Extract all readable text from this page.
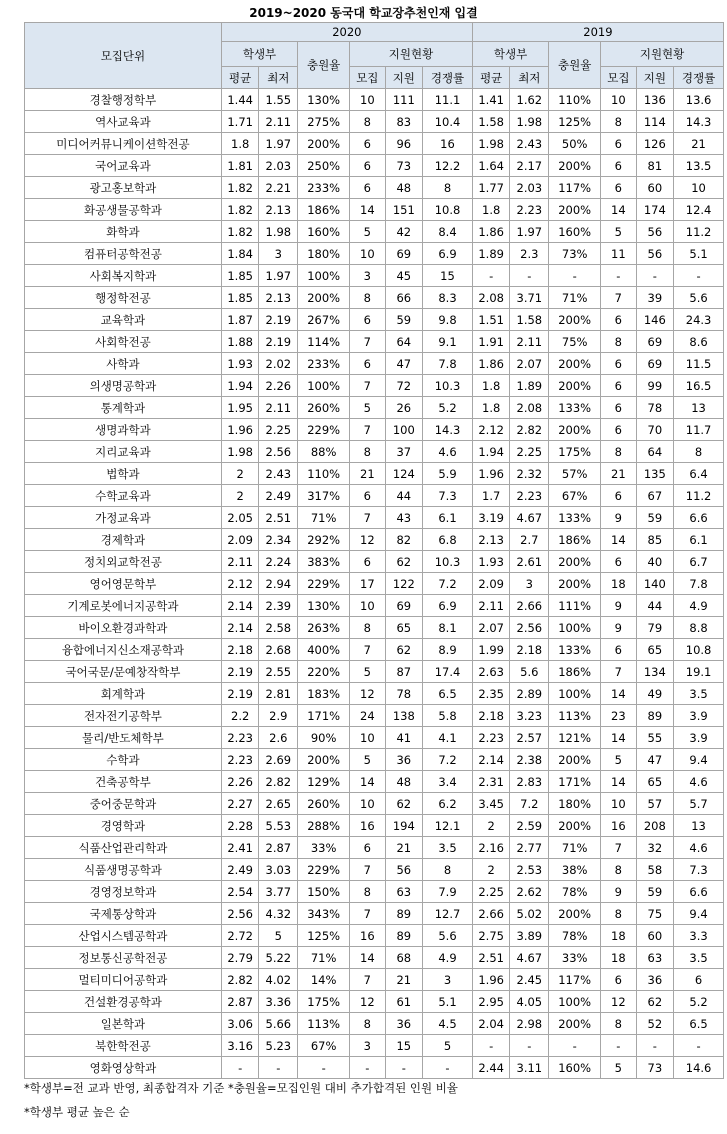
2019~2020 동국대 학교장추천인재 입결
모집단위	2020						2019					
	학생부		충원율	지원현황			학생부		충원율	지원현황		
	평균	최저		모집	지원	경쟁률	평균	최저		모집	지원	경쟁률
경찰행정학부	1.44	1.55	130%	10	111	11.1	1.41	1.62	110%	10	136	13.6
역사교육과	1.71	2.11	275%	8	83	10.4	1.58	1.98	125%	8	114	14.3
미디어커뮤니케이션학전공	1.8	1.97	200%	6	96	16	1.98	2.43	50%	6	126	21
국어교육과	1.81	2.03	250%	6	73	12.2	1.64	2.17	200%	6	81	13.5
광고홍보학과	1.82	2.21	233%	6	48	8	1.77	2.03	117%	6	60	10
화공생물공학과	1.82	2.13	186%	14	151	10.8	1.8	2.23	200%	14	174	12.4
화학과	1.82	1.98	160%	5	42	8.4	1.86	1.97	160%	5	56	11.2
컴퓨터공학전공	1.84	3	180%	10	69	6.9	1.89	2.3	73%	11	56	5.1
사회복지학과	1.85	1.97	100%	3	45	15	-	-	-	-	-	-
행정학전공	1.85	2.13	200%	8	66	8.3	2.08	3.71	71%	7	39	5.6
교육학과	1.87	2.19	267%	6	59	9.8	1.51	1.58	200%	6	146	24.3
사회학전공	1.88	2.19	114%	7	64	9.1	1.91	2.11	75%	8	69	8.6
사학과	1.93	2.02	233%	6	47	7.8	1.86	2.07	200%	6	69	11.5
의생명공학과	1.94	2.26	100%	7	72	10.3	1.8	1.89	200%	6	99	16.5
통계학과	1.95	2.11	260%	5	26	5.2	1.8	2.08	133%	6	78	13
생명과학과	1.96	2.25	229%	7	100	14.3	2.12	2.82	200%	6	70	11.7
지리교육과	1.98	2.56	88%	8	37	4.6	1.94	2.25	175%	8	64	8
법학과	2	2.43	110%	21	124	5.9	1.96	2.32	57%	21	135	6.4
수학교육과	2	2.49	317%	6	44	7.3	1.7	2.23	67%	6	67	11.2
가정교육과	2.05	2.51	71%	7	43	6.1	3.19	4.67	133%	9	59	6.6
경제학과	2.09	2.34	292%	12	82	6.8	2.13	2.7	186%	14	85	6.1
정치외교학전공	2.11	2.24	383%	6	62	10.3	1.93	2.61	200%	6	40	6.7
영어영문학부	2.12	2.94	229%	17	122	7.2	2.09	3	200%	18	140	7.8
기계로봇에너지공학과	2.14	2.39	130%	10	69	6.9	2.11	2.66	111%	9	44	4.9
바이오환경과학과	2.14	2.58	263%	8	65	8.1	2.07	2.56	100%	9	79	8.8
융합에너지신소재공학과	2.18	2.68	400%	7	62	8.9	1.99	2.18	133%	6	65	10.8
국어국문/문예창작학부	2.19	2.55	220%	5	87	17.4	2.63	5.6	186%	7	134	19.1
회계학과	2.19	2.81	183%	12	78	6.5	2.35	2.89	100%	14	49	3.5
전자전기공학부	2.2	2.9	171%	24	138	5.8	2.18	3.23	113%	23	89	3.9
물리/반도체학부	2.23	2.6	90%	10	41	4.1	2.23	2.57	121%	14	55	3.9
수학과	2.23	2.69	200%	5	36	7.2	2.14	2.38	200%	5	47	9.4
건축공학부	2.26	2.82	129%	14	48	3.4	2.31	2.83	171%	14	65	4.6
중어중문학과	2.27	2.65	260%	10	62	6.2	3.45	7.2	180%	10	57	5.7
경영학과	2.28	5.53	288%	16	194	12.1	2	2.59	200%	16	208	13
식품산업관리학과	2.41	2.87	33%	6	21	3.5	2.16	2.77	71%	7	32	4.6
식품생명공학과	2.49	3.03	229%	7	56	8	2	2.53	38%	8	58	7.3
경영정보학과	2.54	3.77	150%	8	63	7.9	2.25	2.62	78%	9	59	6.6
국제통상학과	2.56	4.32	343%	7	89	12.7	2.66	5.02	200%	8	75	9.4
산업시스템공학과	2.72	5	125%	16	89	5.6	2.75	3.89	78%	18	60	3.3
정보통신공학전공	2.79	5.22	71%	14	68	4.9	2.51	4.67	33%	18	63	3.5
멀티미디어공학과	2.82	4.02	14%	7	21	3	1.96	2.45	117%	6	36	6
건설환경공학과	2.87	3.36	175%	12	61	5.1	2.95	4.05	100%	12	62	5.2
일본학과	3.06	5.66	113%	8	36	4.5	2.04	2.98	200%	8	52	6.5
북한학전공	3.16	5.23	67%	3	15	5	-	-	-	-	-	-
영화영상학과	-	-	-	-	-	-	2.44	3.11	160%	5	73	14.6
*학생부=전 교과 반영, 최종합격자 기준 *충원율=모집인원 대비 추가합격된 인원 비율
*학생부 평균 높은 순
